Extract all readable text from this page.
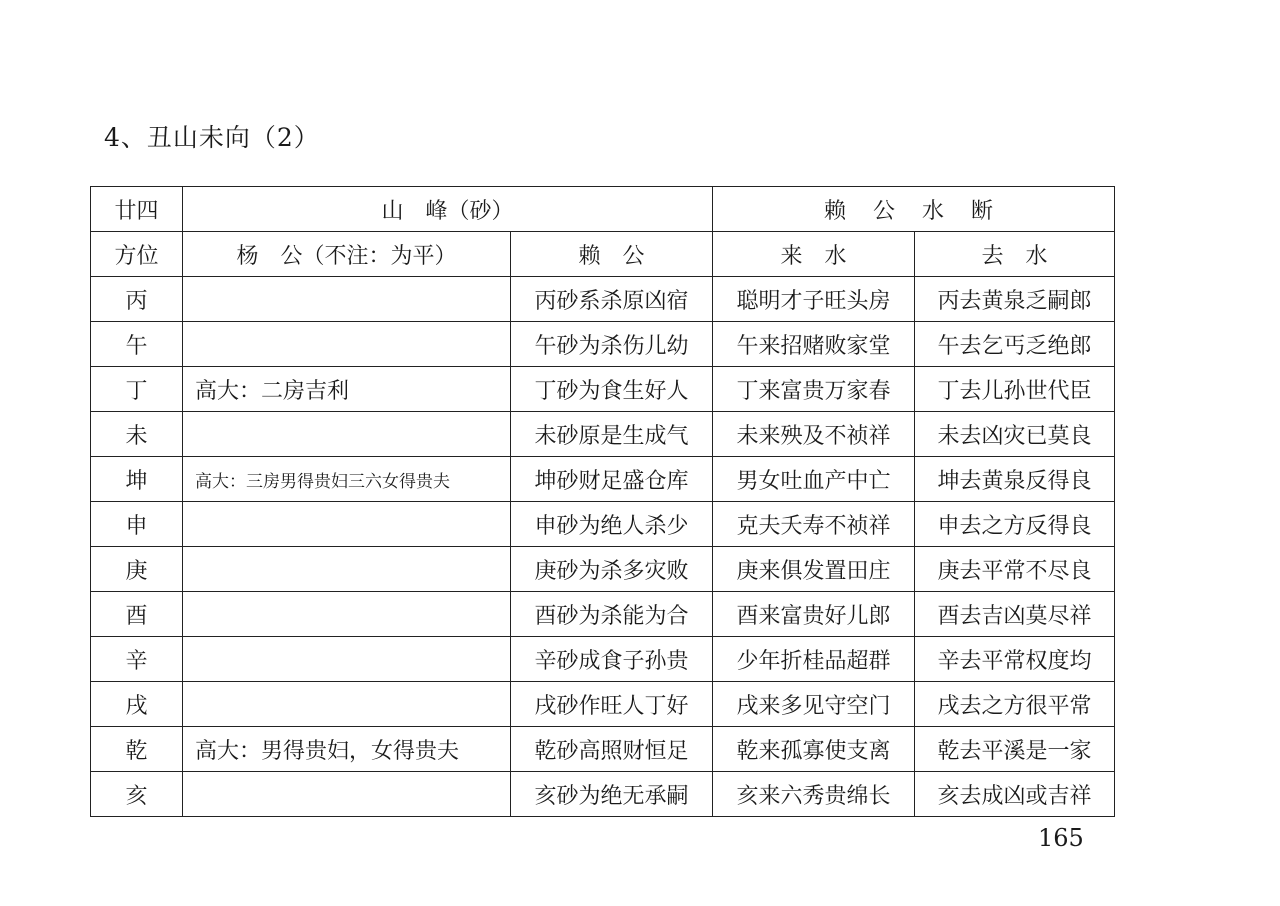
4、丑山未向（2）
廿四	山　峰（砂）		赖 公 水 断	
方位	杨　公（不注：为平）	赖　公	来　水	去　水
丙		丙砂系杀原凶宿	聪明才子旺头房	丙去黄泉乏嗣郎
午		午砂为杀伤儿幼	午来招赌败家堂	午去乞丐乏绝郎
丁	高大：二房吉利	丁砂为食生好人	丁来富贵万家春	丁去儿孙世代臣
未		未砂原是生成气	未来殃及不祯祥	未去凶灾已莫良
坤	高大：三房男得贵妇三六女得贵夫	坤砂财足盛仓库	男女吐血产中亡	坤去黄泉反得良
申		申砂为绝人杀少	克夫夭寿不祯祥	申去之方反得良
庚		庚砂为杀多灾败	庚来俱发置田庄	庚去平常不尽良
酉		酉砂为杀能为合	酉来富贵好儿郎	酉去吉凶莫尽祥
辛		辛砂成食子孙贵	少年折桂品超群	辛去平常权度均
戌		戌砂作旺人丁好	戌来多见守空门	戌去之方很平常
乾	高大：男得贵妇，女得贵夫	乾砂高照财恒足	乾来孤寡使支离	乾去平溪是一家
亥		亥砂为绝无承嗣	亥来六秀贵绵长	亥去成凶或吉祥
165
